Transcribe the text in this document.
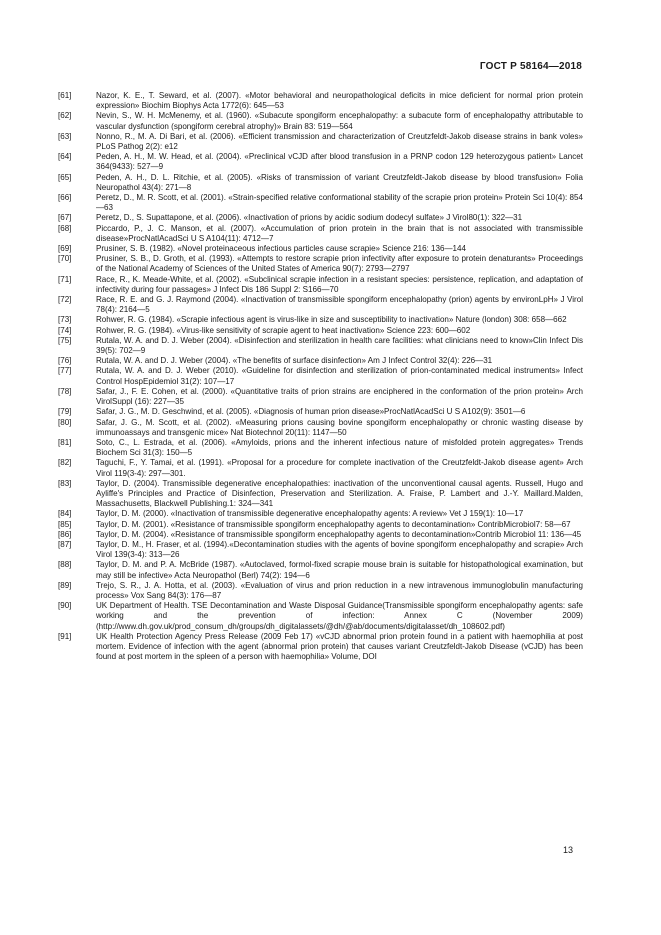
ГОСТ Р 58164—2018
[61]	Nazor, K. E., T. Seward, et al. (2007). «Motor behavioral and neuropathological deficits in mice deficient for normal prion protein expression» Biochim Biophys Acta 1772(6): 645—53
[62]	Nevin, S., W. H. McMenemy, et al. (1960). «Subacute spongiform encephalopathy: a subacute form of encephalopathy attributable to vascular dysfunction (spongiform cerebral atrophy)» Brain 83: 519—564
[63]	Nonno, R., M. A. Di Bari, et al. (2006). «Efficient transmission and characterization of Creutzfeldt-Jakob disease strains in bank voles» PLoS Pathog 2(2): e12
[64]	Peden, A. H., M. W. Head, et al. (2004). «Preclinical vCJD after blood transfusion in a PRNP codon 129 heterozygous patient» Lancet 364(9433): 527—9
[65]	Peden, A. H., D. L. Ritchie, et al. (2005). «Risks of transmission of variant Creutzfeldt-Jakob disease by blood transfusion» Folia Neuropathol 43(4): 271—8
[66]	Peretz, D., M. R. Scott, et al. (2001). «Strain-specified relative conformational stability of the scrapie prion protein» Protein Sci 10(4): 854—63
[67]	Peretz, D., S. Supattapone, et al. (2006). «Inactivation of prions by acidic sodium dodecyl sulfate» J Virol80(1): 322—31
[68]	Piccardo, P., J. C. Manson, et al. (2007). «Accumulation of prion protein in the brain that is not associated with transmissible disease»ProcNatlAcadSci U S A104(11): 4712—7
[69]	Prusiner, S. B. (1982). «Novel proteinaceous infectious particles cause scrapie» Science 216: 136—144
[70]	Prusiner, S. B., D. Groth, et al. (1993). «Attempts to restore scrapie prion infectivity after exposure to protein denaturants» Proceedings of the National Academy of Sciences of the United States of America 90(7): 2793—2797
[71]	Race, R., K. Meade-White, et al. (2002). «Subclinical scrapie infection in a resistant species: persistence, replication, and adaptation of infectivity during four passages» J Infect Dis 186 Suppl 2: S166—70
[72]	Race, R. E. and G. J. Raymond (2004). «Inactivation of transmissible spongiform encephalopathy (prion) agents by environLpH» J Virol 78(4): 2164—5
[73]	Rohwer, R. G. (1984). «Scrapie infectious agent is virus-like in size and susceptibility to inactivation» Nature (london) 308: 658—662
[74]	Rohwer, R. G. (1984). «Virus-like sensitivity of scrapie agent to heat inactivation» Science 223: 600—602
[75]	Rutala, W. A. and D. J. Weber (2004). «Disinfection and sterilization in health care facilities: what clinicians need to know»Clin Infect Dis 39(5): 702—9
[76]	Rutala, W. A. and D. J. Weber (2004). «The benefits of surface disinfection» Am J Infect Control 32(4): 226—31
[77]	Rutala, W. A. and D. J. Weber (2010). «Guideline for disinfection and sterilization of prion-contaminated medical instruments» Infect Control HospEpidemiol 31(2): 107—17
[78]	Safar, J., F. E. Cohen, et al. (2000). «Quantitative traits of prion strains are enciphered in the conformation of the prion protein» Arch VirolSuppl (16): 227—35
[79]	Safar, J. G., M. D. Geschwind, et al. (2005). «Diagnosis of human prion disease»ProcNatlAcadSci U S A102(9): 3501—6
[80]	Safar, J. G., M. Scott, et al. (2002). «Measuring prions causing bovine spongiform encephalopathy or chronic wasting disease by immunoassays and transgenic mice» Nat Biotechnol 20(11): 1147—50
[81]	Soto, C., L. Estrada, et al. (2006). «Amyloids, prions and the inherent infectious nature of misfolded protein aggregates» Trends Biochem Sci 31(3): 150—5
[82]	Taguchi, F., Y. Tamai, et al. (1991). «Proposal for a procedure for complete inactivation of the Creutzfeldt-Jakob disease agent» Arch Virol 119(3-4): 297—301.
[83]	Taylor, D. (2004). Transmissible degenerative encephalopathies: inactivation of the unconventional causal agents. Russell, Hugo and Ayliffe's Principles and Practice of Disinfection, Preservation and Sterilization. A. Fraise, P. Lambert and J.-Y. Maillard.Malden, Massachusetts, Blackwell Publishing.1: 324—341
[84]	Taylor, D. M. (2000). «Inactivation of transmissible degenerative encephalopathy agents: A review» Vet J 159(1): 10—17
[85]	Taylor, D. M. (2001). «Resistance of transmissible spongiform encephalopathy agents to decontamination» ContribMicrobiol7: 58—67
[86]	Taylor, D. M. (2004). «Resistance of transmissible spongiform encephalopathy agents to decontamination»Contrib Microbiol 11: 136—45
[87]	Taylor, D. M., H. Fraser, et al. (1994).«Decontamination studies with the agents of bovine spongiform encephalopathy and scrapie» Arch Virol 139(3-4): 313—26
[88]	Taylor, D. M. and P. A. McBride (1987). «Autoclaved, formol-fixed scrapie mouse brain is suitable for histopathological examination, but may still be infective» Acta Neuropathol (Berl) 74(2): 194—6
[89]	Trejo, S. R., J. A. Hotta, et al. (2003). «Evaluation of virus and prion reduction in a new intravenous immunoglobulin manufacturing process» Vox Sang 84(3): 176—87
[90]	UK Department of Health. TSE Decontamination and Waste Disposal Guidance(Transmissible spongiform encephalopathy agents: safe working and the prevention of infection: Annex C (November 2009) (http://www.dh.gov.uk/prod_consum_dh/groups/dh_digitalassets/@dh/@ab/documents/digitalasset/dh_108602.pdf)
[91]	UK Health Protection Agency Press Release (2009 Feb 17) «vCJD abnormal prion protein found in a patient with haemophilia at post mortem. Evidence of infection with the agent (abnormal prion protein) that causes variant Creutzfeldt-Jakob Disease (vCJD) has been found at post mortem in the spleen of a person with haemophilia» Volume, DOI
13
